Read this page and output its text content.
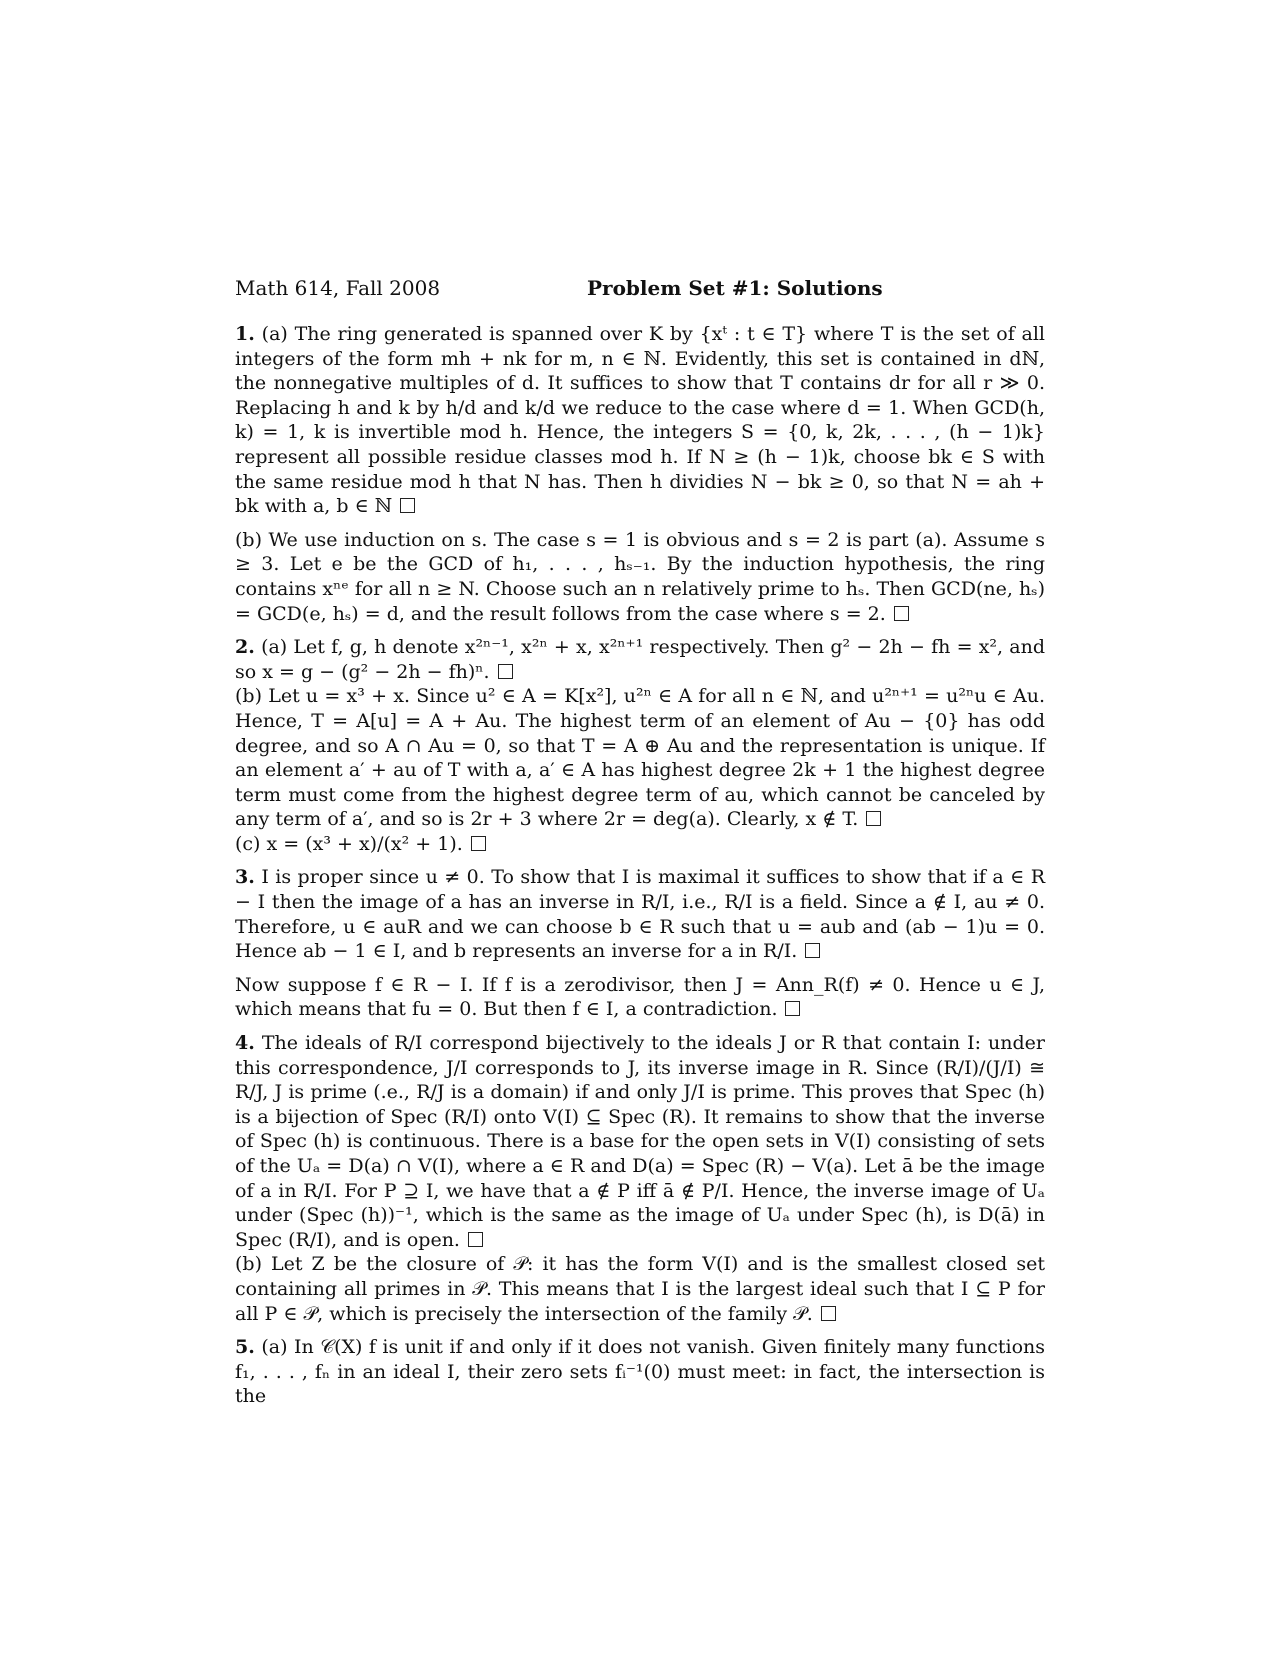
Math 614, Fall 2008	Problem Set #1: Solutions

1. (a) The ring generated is spanned over K by {xᵗ : t ∈ T} where T is the set of all integers of the form mh + nk for m, n ∈ ℕ. Evidently, this set is contained in dℕ, the nonnegative multiples of d. It suffices to show that T contains dr for all r ≫ 0. Replacing h and k by h/d and k/d we reduce to the case where d = 1. When GCD(h, k) = 1, k is invertible mod h. Hence, the integers S = {0, k, 2k, . . . , (h − 1)k} represent all possible residue classes mod h. If N ≥ (h − 1)k, choose bk ∈ S with the same residue mod h that N has. Then h dividies N − bk ≥ 0, so that N = ah + bk with a, b ∈ ℕ

(b) We use induction on s. The case s = 1 is obvious and s = 2 is part (a). Assume s ≥ 3. Let e be the GCD of h₁, . . . , hₛ₋₁. By the induction hypothesis, the ring contains xⁿᵉ for all n ≥ N. Choose such an n relatively prime to hₛ. Then GCD(ne, hₛ) = GCD(e, hₛ) = d, and the result follows from the case where s = 2.

2. (a) Let f, g, h denote x²ⁿ⁻¹, x²ⁿ + x, x²ⁿ⁺¹ respectively. Then g² − 2h − fh = x², and so x = g − (g² − 2h − fh)ⁿ.

(b) Let u = x³ + x. Since u² ∈ A = K[x²], u²ⁿ ∈ A for all n ∈ ℕ, and u²ⁿ⁺¹ = u²ⁿu ∈ Au. Hence, T = A[u] = A + Au. The highest term of an element of Au − {0} has odd degree, and so A ∩ Au = 0, so that T = A ⊕ Au and the representation is unique. If an element a′ + au of T with a, a′ ∈ A has highest degree 2k + 1 the highest degree term must come from the highest degree term of au, which cannot be canceled by any term of a′, and so is 2r + 3 where 2r = deg(a). Clearly, x ∉ T.

(c) x = (x³ + x)/(x² + 1).

3. I is proper since u ≠ 0. To show that I is maximal it suffices to show that if a ∈ R − I then the image of a has an inverse in R/I, i.e., R/I is a field. Since a ∉ I, au ≠ 0. Therefore, u ∈ auR and we can choose b ∈ R such that u = aub and (ab − 1)u = 0. Hence ab − 1 ∈ I, and b represents an inverse for a in R/I.

Now suppose f ∈ R − I. If f is a zerodivisor, then J = Ann_R(f) ≠ 0. Hence u ∈ J, which means that fu = 0. But then f ∈ I, a contradiction.

4. The ideals of R/I correspond bijectively to the ideals J or R that contain I: under this correspondence, J/I corresponds to J, its inverse image in R. Since (R/I)/(J/I) ≅ R/J, J is prime (.e., R/J is a domain) if and only J/I is prime. This proves that Spec (h) is a bijection of Spec (R/I) onto V(I) ⊆ Spec (R). It remains to show that the inverse of Spec (h) is continuous. There is a base for the open sets in V(I) consisting of sets of the Uₐ = D(a) ∩ V(I), where a ∈ R and D(a) = Spec (R) − V(a). Let ā be the image of a in R/I. For P ⊇ I, we have that a ∉ P iff ā ∉ P/I. Hence, the inverse image of Uₐ under (Spec (h))⁻¹, which is the same as the image of Uₐ under Spec (h), is D(ā) in Spec (R/I), and is open.

(b) Let Z be the closure of 𝒫: it has the form V(I) and is the smallest closed set containing all primes in 𝒫. This means that I is the largest ideal such that I ⊆ P for all P ∈ 𝒫, which is precisely the intersection of the family 𝒫.

5. (a) In 𝒞(X) f is unit if and only if it does not vanish. Given finitely many functions f₁, . . . , fₙ in an ideal I, their zero sets fᵢ⁻¹(0) must meet: in fact, the intersection is the
